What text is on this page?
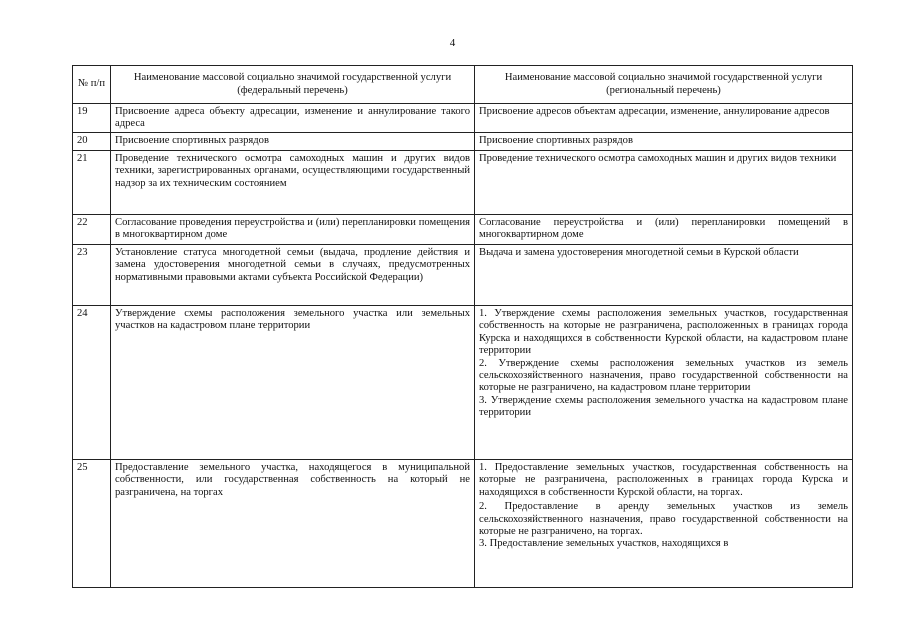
4
№ п/п	Наименование массовой социально значимой государственной услуги (федеральный перечень)	Наименование массовой социально значимой государственной услуги (региональный перечень)
19	Присвоение адреса объекту адресации, изменение и аннулирование такого адреса	Присвоение адресов объектам адресации, изменение, аннулирование адресов

20	Присвоение спортивных разрядов	Присвоение спортивных разрядов

21	Проведение технического осмотра самоходных машин и других видов техники, зарегистрированных органами, осуществляющими государственный надзор за их техническим состоянием	Проведение технического осмотра самоходных машин и других видов техники

22	Согласование проведения переустройства и (или) перепланировки помещения в многоквартирном доме	Согласование переустройства и (или) перепланировки помещений в многоквартирном доме

23	Установление статуса многодетной семьи (выдача, продление действия и замена удостоверения многодетной семьи в случаях, предусмотренных нормативными правовыми актами субъекта Российской Федерации)	Выдача и замена удостоверения многодетной семьи в Курской области

24	Утверждение схемы расположения земельного участка или земельных участков на кадастровом плане территории	1. Утверждение схемы расположения земельных участков, государственная собственность на которые не разграничена, расположенных в границах города Курска и находящихся в собственности Курской области, на кадастровом плане территории
2. Утверждение схемы расположения земельных участков из земель сельскохозяйственного назначения, право государственной собственности на которые не разграничено, на кадастровом плане территории
3. Утверждение схемы расположения земельного участка на кадастровом плане территории

25	Предоставление земельного участка, находящегося в муниципальной собственности, или государственная собственность на который не разграничена, на торгах	1. Предоставление земельных участков, государственная собственность на которые не разграничена, расположенных в границах города Курска и находящихся в собственности Курской области, на торгах.
2. Предоставление в аренду земельных участков из земель сельскохозяйственного назначения, право государственной собственности на которые не разграничено, на торгах.
3. Предоставление земельных участков, находящихся в
